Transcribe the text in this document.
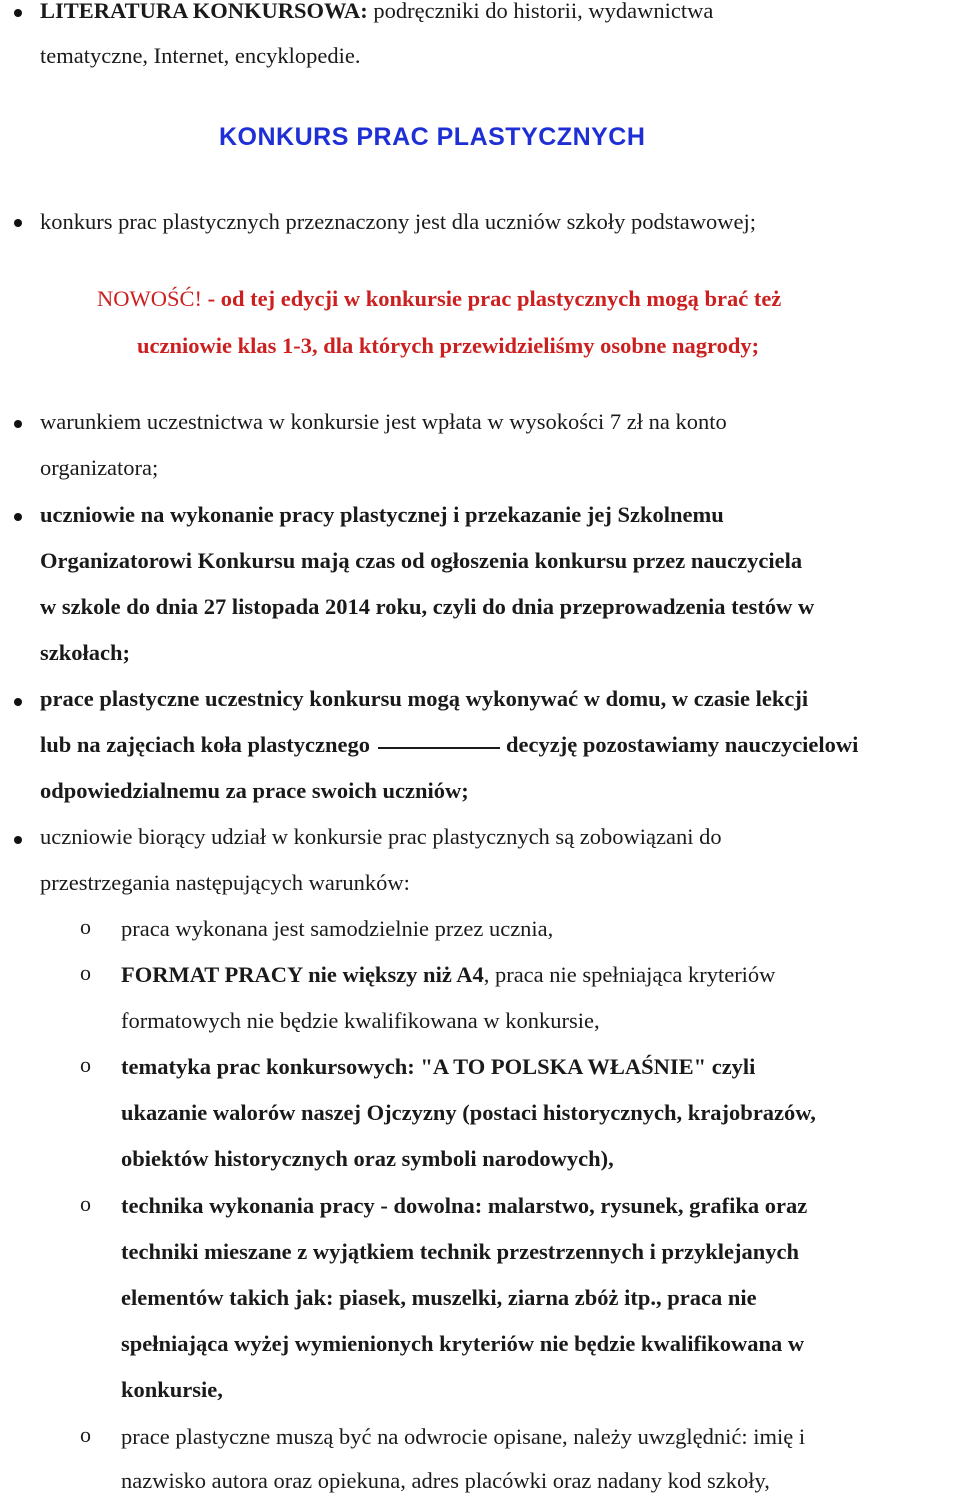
LITERATURA KONKURSOWA: podręczniki do historii, wydawnictwa
tematyczne, Internet, encyklopedie.
KONKURS PRAC PLASTYCZNYCH
konkurs prac plastycznych przeznaczony jest dla uczniów szkoły podstawowej;
NOWOŚĆ! - od tej edycji w konkursie prac plastycznych mogą brać też
uczniowie klas 1-3, dla których przewidzieliśmy osobne nagrody;
warunkiem uczestnictwa w konkursie jest wpłata w wysokości 7 zł na konto
organizatora;
uczniowie na wykonanie pracy plastycznej i przekazanie jej Szkolnemu
Organizatorowi Konkursu mają czas od ogłoszenia konkursu przez nauczyciela
w szkole do dnia 27 listopada 2014 roku, czyli do dnia przeprowadzenia testów w
szkołach;
prace plastyczne uczestnicy konkursu mogą wykonywać w domu, w czasie lekcji
lub na zajęciach koła plastycznego	decyzję pozostawiamy nauczycielowi
odpowiedzialnemu za prace swoich uczniów;
uczniowie biorący udział w konkursie prac plastycznych są zobowiązani do
przestrzegania następujących warunków:
o praca wykonana jest samodzielnie przez ucznia,
o FORMAT PRACY nie większy niż A4, praca nie spełniająca kryteriów
formatowych nie będzie kwalifikowana w konkursie,
o tematyka prac konkursowych: "A TO POLSKA WŁAŚNIE" czyli
ukazanie walorów naszej Ojczyzny (postaci historycznych, krajobrazów,
obiektów historycznych oraz symboli narodowych),
o technika wykonania pracy - dowolna: malarstwo, rysunek, grafika oraz
techniki mieszane z wyjątkiem technik przestrzennych i przyklejanych
elementów takich jak: piasek, muszelki, ziarna zbóż itp., praca nie
spełniająca wyżej wymienionych kryteriów nie będzie kwalifikowana w
konkursie,
o prace plastyczne muszą być na odwrocie opisane, należy uwzględnić: imię i
nazwisko autora oraz opiekuna, adres placówki oraz nadany kod szkoły,
